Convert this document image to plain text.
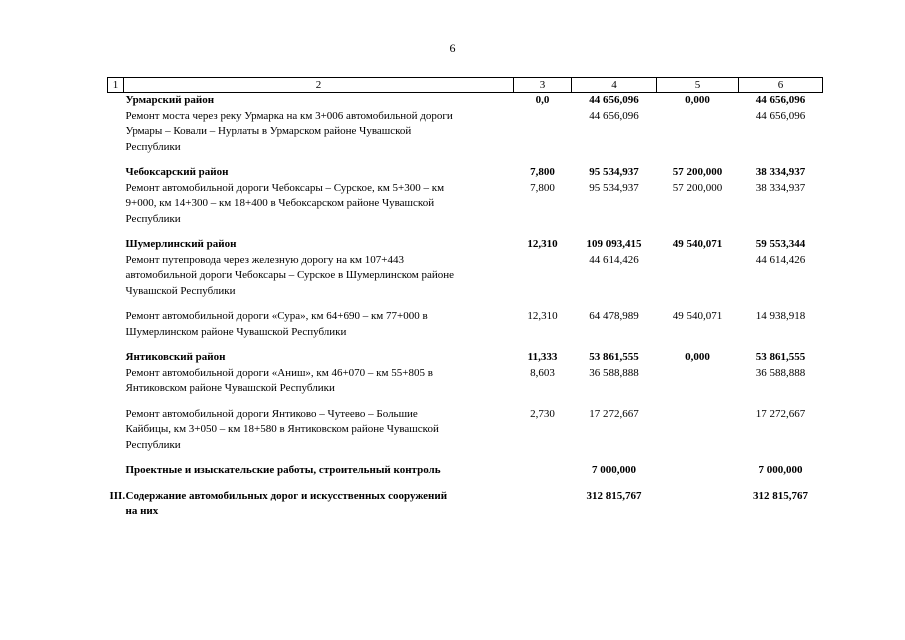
6
1	2	3	4	5	6
	Урмарский район	0,0	44 656,096	0,000	44 656,096
	Ремонт моста через реку Урмарка на км 3+006 автомобильной дороги
Урмары – Ковали – Нурлаты в Урмарском районе Чувашской
Республики		44 656,096		44 656,096

	Чебоксарский район	7,800	95 534,937	57 200,000	38 334,937
	Ремонт автомобильной дороги Чебоксары – Сурское, км 5+300 – км
9+000, км 14+300 – км 18+400 в Чебоксарском районе Чувашской
Республики	7,800	95 534,937	57 200,000	38 334,937

	Шумерлинский район	12,310	109 093,415	49 540,071	59 553,344
	Ремонт путепровода через железную дорогу на км 107+443
автомобильной дороги Чебоксары – Сурское в Шумерлинском районе
Чувашской Республики		44 614,426		44 614,426

	Ремонт автомобильной дороги «Сура», км 64+690 – км 77+000 в
Шумерлинском районе Чувашской Республики	12,310	64 478,989	49 540,071	14 938,918

	Янтиковский район	11,333	53 861,555	0,000	53 861,555
	Ремонт автомобильной дороги «Аниш», км 46+070 – км 55+805 в
Янтиковском районе Чувашской Республики	8,603	36 588,888		36 588,888

	Ремонт автомобильной дороги Янтиково – Чутеево – Большие
Кайбицы, км 3+050 – км 18+580 в Янтиковском районе Чувашской
Республики	2,730	17 272,667		17 272,667

	Проектные и изыскательские работы, строительный контроль		7 000,000		7 000,000

III.	Содержание автомобильных дорог и искусственных сооружений
на них		312 815,767		312 815,767
